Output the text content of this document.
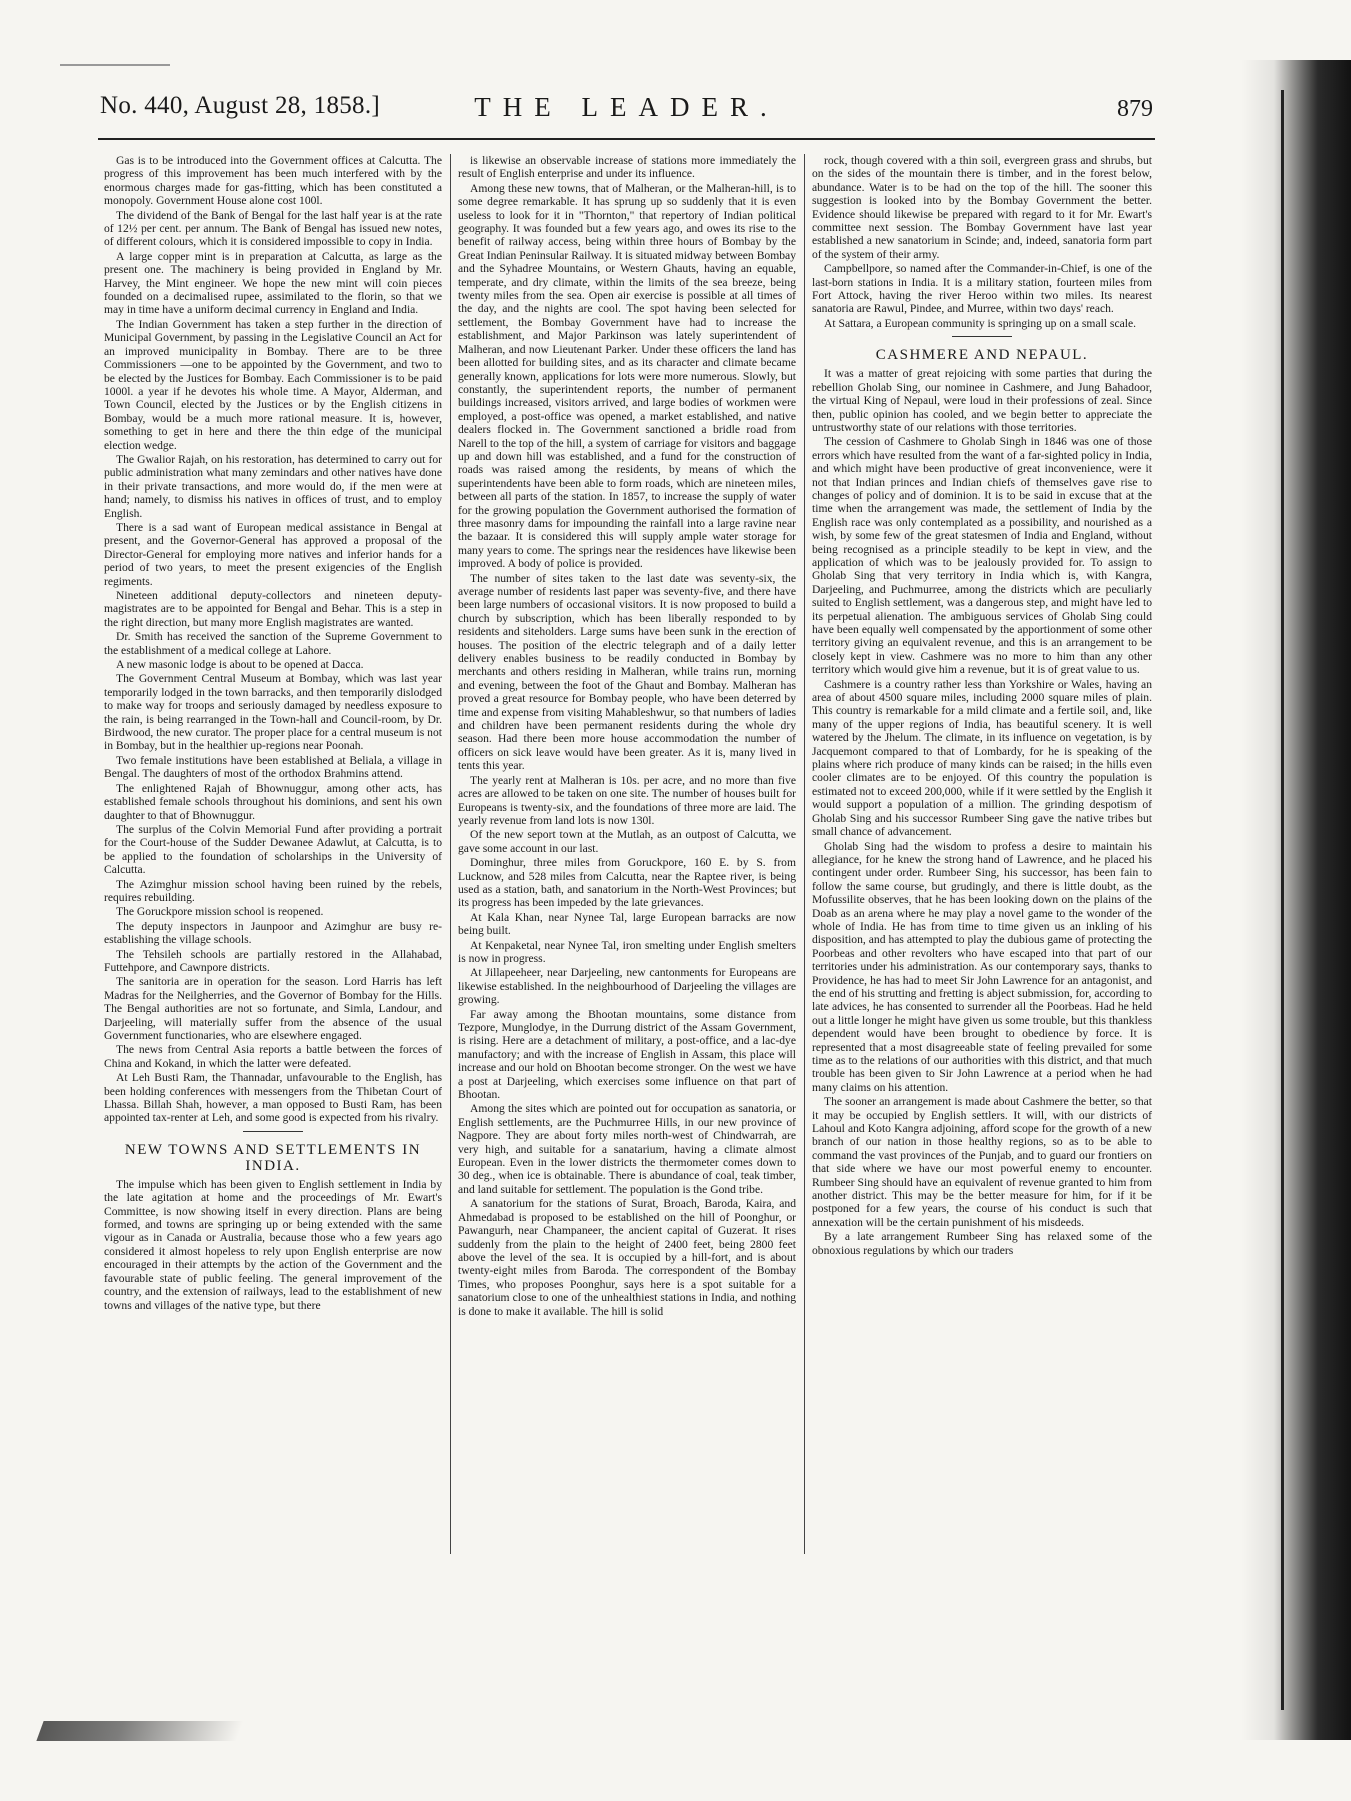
No. 440, August 28, 1858.]	THE LEADER.	879

Gas is to be introduced into the Government offices at Calcutta. The progress of this improvement has been much interfered with by the enormous charges made for gas-fitting, which has been constituted a monopoly. Government House alone cost 100l.

The dividend of the Bank of Bengal for the last half year is at the rate of 12½ per cent. per annum. The Bank of Bengal has issued new notes, of different colours, which it is considered impossible to copy in India.

A large copper mint is in preparation at Calcutta, as large as the present one. The machinery is being provided in England by Mr. Harvey, the Mint engineer. We hope the new mint will coin pieces founded on a decimalised rupee, assimilated to the florin, so that we may in time have a uniform decimal currency in England and India.

The Indian Government has taken a step further in the direction of Municipal Government, by passing in the Legislative Council an Act for an improved municipality in Bombay. There are to be three Commissioners —one to be appointed by the Government, and two to be elected by the Justices for Bombay. Each Commissioner is to be paid 1000l. a year if he devotes his whole time. A Mayor, Alderman, and Town Council, elected by the Justices or by the English citizens in Bombay, would be a much more rational measure. It is, however, something to get in here and there the thin edge of the municipal election wedge.

The Gwalior Rajah, on his restoration, has determined to carry out for public administration what many zemindars and other natives have done in their private transactions, and more would do, if the men were at hand; namely, to dismiss his natives in offices of trust, and to employ English.

There is a sad want of European medical assistance in Bengal at present, and the Governor-General has approved a proposal of the Director-General for employing more natives and inferior hands for a period of two years, to meet the present exigencies of the English regiments.

Nineteen additional deputy-collectors and nineteen deputy-magistrates are to be appointed for Bengal and Behar. This is a step in the right direction, but many more English magistrates are wanted.

Dr. Smith has received the sanction of the Supreme Government to the establishment of a medical college at Lahore.

A new masonic lodge is about to be opened at Dacca.

The Government Central Museum at Bombay, which was last year temporarily lodged in the town barracks, and then temporarily dislodged to make way for troops and seriously damaged by needless exposure to the rain, is being rearranged in the Town-hall and Council-room, by Dr. Birdwood, the new curator. The proper place for a central museum is not in Bombay, but in the healthier up-regions near Poonah.

Two female institutions have been established at Beliala, a village in Bengal. The daughters of most of the orthodox Brahmins attend.

The enlightened Rajah of Bhownuggur, among other acts, has established female schools throughout his dominions, and sent his own daughter to that of Bhownuggur.

The surplus of the Colvin Memorial Fund after providing a portrait for the Court-house of the Sudder Dewanee Adawlut, at Calcutta, is to be applied to the foundation of scholarships in the University of Calcutta.

The Azimghur mission school having been ruined by the rebels, requires rebuilding.

The Goruckpore mission school is reopened.

The deputy inspectors in Jaunpoor and Azimghur are busy re-establishing the village schools.

The Tehsileh schools are partially restored in the Allahabad, Futtehpore, and Cawnpore districts.

The sanitoria are in operation for the season. Lord Harris has left Madras for the Neilgherries, and the Governor of Bombay for the Hills. The Bengal authorities are not so fortunate, and Simla, Landour, and Darjeeling, will materially suffer from the absence of the usual Government functionaries, who are elsewhere engaged.

The news from Central Asia reports a battle between the forces of China and Kokand, in which the latter were defeated.

At Leh Busti Ram, the Thannadar, unfavourable to the English, has been holding conferences with messengers from the Thibetan Court of Lhassa. Billah Shah, however, a man opposed to Busti Ram, has been appointed tax-renter at Leh, and some good is expected from his rivalry.

NEW TOWNS AND SETTLEMENTS IN INDIA.

The impulse which has been given to English settlement in India by the late agitation at home and the proceedings of Mr. Ewart's Committee, is now showing itself in every direction. Plans are being formed, and towns are springing up or being extended with the same vigour as in Canada or Australia, because those who a few years ago considered it almost hopeless to rely upon English enterprise are now encouraged in their attempts by the action of the Government and the favourable state of public feeling. The general improvement of the country, and the extension of railways, lead to the establishment of new towns and villages of the native type, but there

is likewise an observable increase of stations more immediately the result of English enterprise and under its influence.

Among these new towns, that of Malheran, or the Malheran-hill, is to some degree remarkable. It has sprung up so suddenly that it is even useless to look for it in "Thornton," that repertory of Indian political geography. It was founded but a few years ago, and owes its rise to the benefit of railway access, being within three hours of Bombay by the Great Indian Peninsular Railway. It is situated midway between Bombay and the Syhadree Mountains, or Western Ghauts, having an equable, temperate, and dry climate, within the limits of the sea breeze, being twenty miles from the sea. Open air exercise is possible at all times of the day, and the nights are cool. The spot having been selected for settlement, the Bombay Government have had to increase the establishment, and Major Parkinson was lately superintendent of Malheran, and now Lieutenant Parker. Under these officers the land has been allotted for building sites, and as its character and climate became generally known, applications for lots were more numerous. Slowly, but constantly, the superintendent reports, the number of permanent buildings increased, visitors arrived, and large bodies of workmen were employed, a post-office was opened, a market established, and native dealers flocked in. The Government sanctioned a bridle road from Narell to the top of the hill, a system of carriage for visitors and baggage up and down hill was established, and a fund for the construction of roads was raised among the residents, by means of which the superintendents have been able to form roads, which are nineteen miles, between all parts of the station. In 1857, to increase the supply of water for the growing population the Government authorised the formation of three masonry dams for impounding the rainfall into a large ravine near the bazaar. It is considered this will supply ample water storage for many years to come. The springs near the residences have likewise been improved. A body of police is provided.

The number of sites taken to the last date was seventy-six, the average number of residents last paper was seventy-five, and there have been large numbers of occasional visitors. It is now proposed to build a church by subscription, which has been liberally responded to by residents and siteholders. Large sums have been sunk in the erection of houses. The position of the electric telegraph and of a daily letter delivery enables business to be readily conducted in Bombay by merchants and others residing in Malheran, while trains run, morning and evening, between the foot of the Ghaut and Bombay. Malheran has proved a great resource for Bombay people, who have been deterred by time and expense from visiting Mahableshwur, so that numbers of ladies and children have been permanent residents during the whole dry season. Had there been more house accommodation the number of officers on sick leave would have been greater. As it is, many lived in tents this year.

The yearly rent at Malheran is 10s. per acre, and no more than five acres are allowed to be taken on one site. The number of houses built for Europeans is twenty-six, and the foundations of three more are laid. The yearly revenue from land lots is now 130l.

Of the new seport town at the Mutlah, as an outpost of Calcutta, we gave some account in our last.

Dominghur, three miles from Goruckpore, 160 E. by S. from Lucknow, and 528 miles from Calcutta, near the Raptee river, is being used as a station, bath, and sanatorium in the North-West Provinces; but its progress has been impeded by the late grievances.

At Kala Khan, near Nynee Tal, large European barracks are now being built.

At Kenpaketal, near Nynee Tal, iron smelting under English smelters is now in progress.

At Jillapeeheer, near Darjeeling, new cantonments for Europeans are likewise established. In the neighbourhood of Darjeeling the villages are growing.

Far away among the Bhootan mountains, some distance from Tezpore, Munglodye, in the Durrung district of the Assam Government, is rising. Here are a detachment of military, a post-office, and a lac-dye manufactory; and with the increase of English in Assam, this place will increase and our hold on Bhootan become stronger. On the west we have a post at Darjeeling, which exercises some influence on that part of Bhootan.

Among the sites which are pointed out for occupation as sanatoria, or English settlements, are the Puchmurree Hills, in our new province of Nagpore. They are about forty miles north-west of Chindwarrah, are very high, and suitable for a sanatarium, having a climate almost European. Even in the lower districts the thermometer comes down to 30 deg., when ice is obtainable. There is abundance of coal, teak timber, and land suitable for settlement. The population is the Gond tribe.

A sanatorium for the stations of Surat, Broach, Baroda, Kaira, and Ahmedabad is proposed to be established on the hill of Poonghur, or Pawangurh, near Champaneer, the ancient capital of Guzerat. It rises suddenly from the plain to the height of 2400 feet, being 2800 feet above the level of the sea. It is occupied by a hill-fort, and is about twenty-eight miles from Baroda. The correspondent of the Bombay Times, who proposes Poonghur, says here is a spot suitable for a sanatorium close to one of the unhealthiest stations in India, and nothing is done to make it available. The hill is solid

rock, though covered with a thin soil, evergreen grass and shrubs, but on the sides of the mountain there is timber, and in the forest below, abundance. Water is to be had on the top of the hill. The sooner this suggestion is looked into by the Bombay Government the better. Evidence should likewise be prepared with regard to it for Mr. Ewart's committee next session. The Bombay Government have last year established a new sanatorium in Scinde; and, indeed, sanatoria form part of the system of their army.

Campbellpore, so named after the Commander-in-Chief, is one of the last-born stations in India. It is a military station, fourteen miles from Fort Attock, having the river Heroo within two miles. Its nearest sanatoria are Rawul, Pindee, and Murree, within two days' reach.

At Sattara, a European community is springing up on a small scale.

CASHMERE AND NEPAUL.

It was a matter of great rejoicing with some parties that during the rebellion Gholab Sing, our nominee in Cashmere, and Jung Bahadoor, the virtual King of Nepaul, were loud in their professions of zeal. Since then, public opinion has cooled, and we begin better to appreciate the untrustworthy state of our relations with those territories.

The cession of Cashmere to Gholab Singh in 1846 was one of those errors which have resulted from the want of a far-sighted policy in India, and which might have been productive of great inconvenience, were it not that Indian princes and Indian chiefs of themselves gave rise to changes of policy and of dominion. It is to be said in excuse that at the time when the arrangement was made, the settlement of India by the English race was only contemplated as a possibility, and nourished as a wish, by some few of the great statesmen of India and England, without being recognised as a principle steadily to be kept in view, and the application of which was to be jealously provided for. To assign to Gholab Sing that very territory in India which is, with Kangra, Darjeeling, and Puchmurree, among the districts which are peculiarly suited to English settlement, was a dangerous step, and might have led to its perpetual alienation. The ambiguous services of Gholab Sing could have been equally well compensated by the apportionment of some other territory giving an equivalent revenue, and this is an arrangement to be closely kept in view. Cashmere was no more to him than any other territory which would give him a revenue, but it is of great value to us.

Cashmere is a country rather less than Yorkshire or Wales, having an area of about 4500 square miles, including 2000 square miles of plain. This country is remarkable for a mild climate and a fertile soil, and, like many of the upper regions of India, has beautiful scenery. It is well watered by the Jhelum. The climate, in its influence on vegetation, is by Jacquemont compared to that of Lombardy, for he is speaking of the plains where rich produce of many kinds can be raised; in the hills even cooler climates are to be enjoyed. Of this country the population is estimated not to exceed 200,000, while if it were settled by the English it would support a population of a million. The grinding despotism of Gholab Sing and his successor Rumbeer Sing gave the native tribes but small chance of advancement.

Gholab Sing had the wisdom to profess a desire to maintain his allegiance, for he knew the strong hand of Lawrence, and he placed his contingent under order. Rumbeer Sing, his successor, has been fain to follow the same course, but grudingly, and there is little doubt, as the Mofussilite observes, that he has been looking down on the plains of the Doab as an arena where he may play a novel game to the wonder of the whole of India. He has from time to time given us an inkling of his disposition, and has attempted to play the dubious game of protecting the Poorbeas and other revolters who have escaped into that part of our territories under his administration. As our contemporary says, thanks to Providence, he has had to meet Sir John Lawrence for an antagonist, and the end of his strutting and fretting is abject submission, for, according to late advices, he has consented to surrender all the Poorbeas. Had he held out a little longer he might have given us some trouble, but this thankless dependent would have been brought to obedience by force. It is represented that a most disagreeable state of feeling prevailed for some time as to the relations of our authorities with this district, and that much trouble has been given to Sir John Lawrence at a period when he had many claims on his attention.

The sooner an arrangement is made about Cashmere the better, so that it may be occupied by English settlers. It will, with our districts of Lahoul and Koto Kangra adjoining, afford scope for the growth of a new branch of our nation in those healthy regions, so as to be able to command the vast provinces of the Punjab, and to guard our frontiers on that side where we have our most powerful enemy to encounter. Rumbeer Sing should have an equivalent of revenue granted to him from another district. This may be the better measure for him, for if it be postponed for a few years, the course of his conduct is such that annexation will be the certain punishment of his misdeeds.

By a late arrangement Rumbeer Sing has relaxed some of the obnoxious regulations by which our traders
